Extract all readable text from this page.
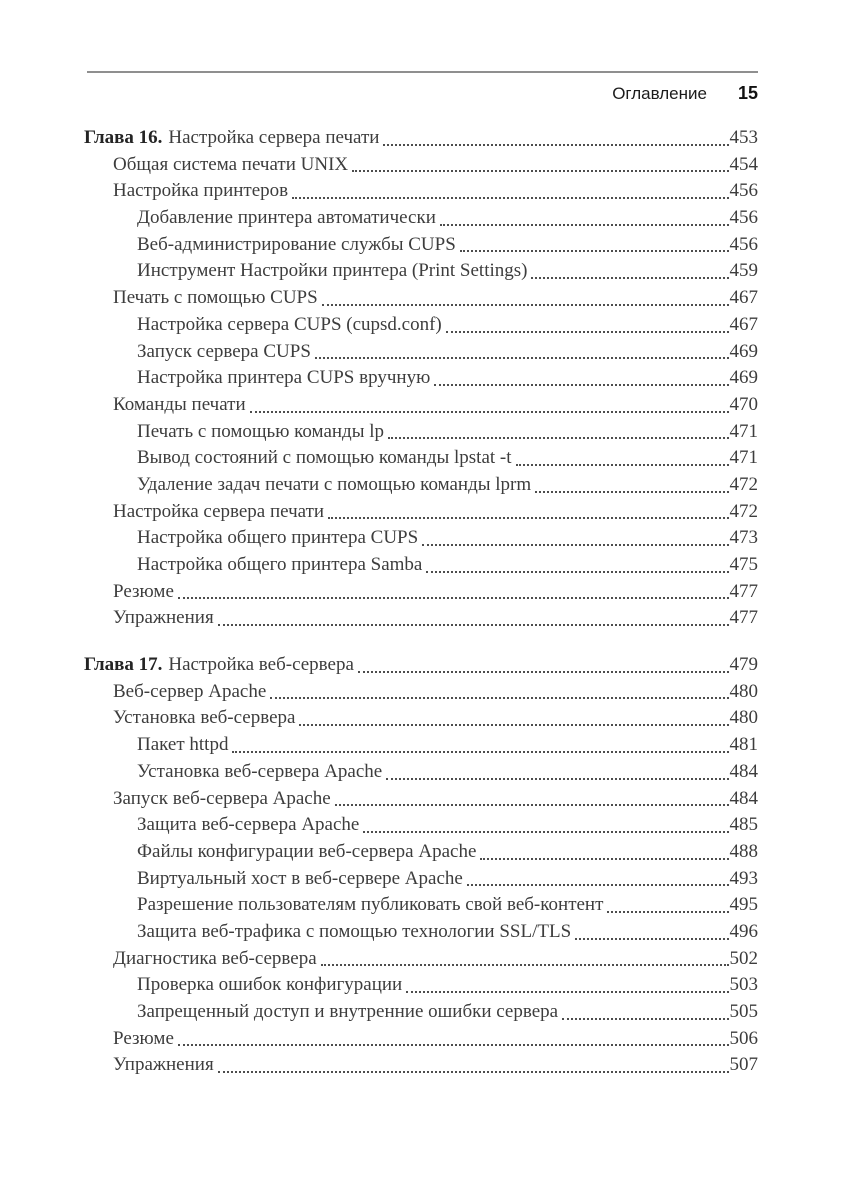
Оглавление 15
Глава 16. Настройка сервера печати	453
Общая система печати UNIX	454
Настройка принтеров	456
Добавление принтера автоматически	456
Веб-администрирование службы CUPS	456
Инструмент Настройки принтера (Print Settings)	459
Печать с помощью CUPS	467
Настройка сервера CUPS (cupsd.conf)	467
Запуск сервера CUPS	469
Настройка принтера CUPS вручную	469
Команды печати	470
Печать с помощью команды lp	471
Вывод состояний с помощью команды lpstat -t	471
Удаление задач печати с помощью команды lprm	472
Настройка сервера печати	472
Настройка общего принтера CUPS	473
Настройка общего принтера Samba	475
Резюме	477
Упражнения	477
Глава 17. Настройка веб-сервера	479
Веб-сервер Apache	480
Установка веб-сервера	480
Пакет httpd	481
Установка веб-сервера Apache	484
Запуск веб-сервера Apache	484
Защита веб-сервера Apache	485
Файлы конфигурации веб-сервера Apache	488
Виртуальный хост в веб-сервере Apache	493
Разрешение пользователям публиковать свой веб-контент	495
Защита веб-трафика с помощью технологии SSL/TLS	496
Диагностика веб-сервера	502
Проверка ошибок конфигурации	503
Запрещенный доступ и внутренние ошибки сервера	505
Резюме	506
Упражнения	507
